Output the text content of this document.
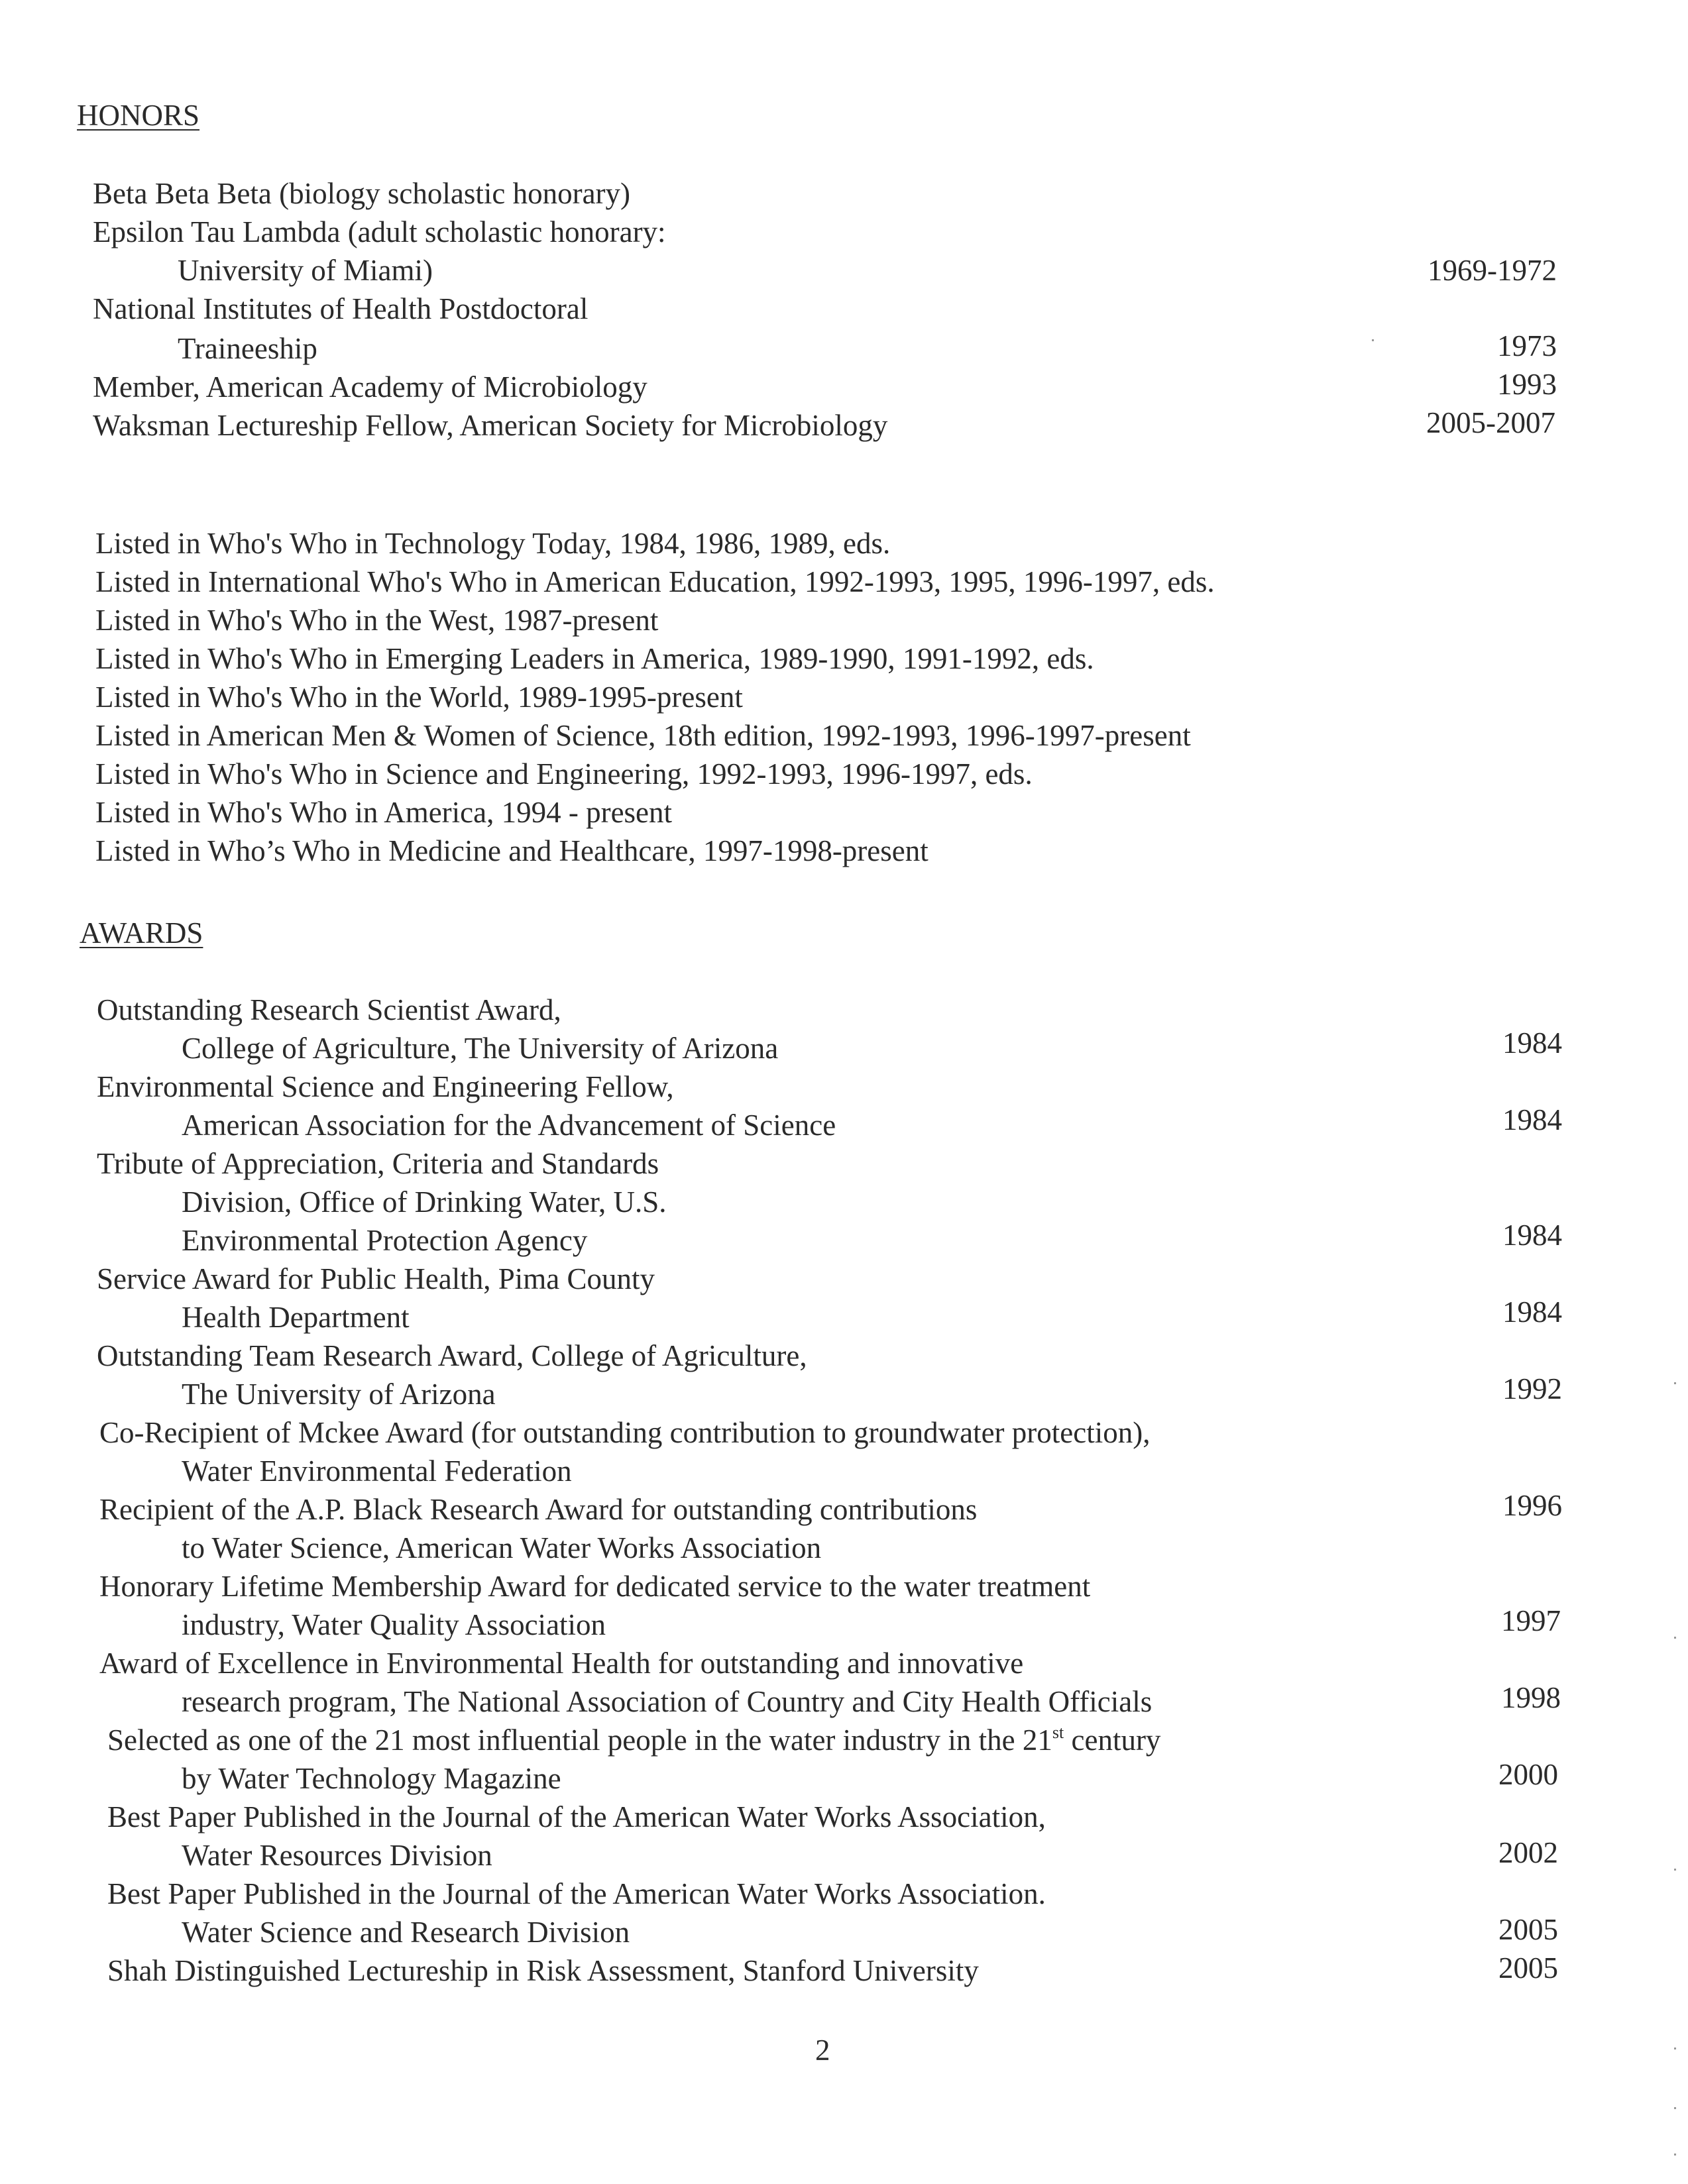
HONORS
Beta Beta Beta (biology scholastic honorary)
Epsilon Tau Lambda (adult scholastic honorary:
University of Miami)	1969-1972
National Institutes of Health Postdoctoral
Traineeship	1973
Member, American Academy of Microbiology	1993
Waksman Lectureship Fellow, American Society for Microbiology	2005-2007
Listed in Who's Who in Technology Today, 1984, 1986, 1989, eds.
Listed in International Who's Who in American Education, 1992-1993, 1995, 1996-1997, eds.
Listed in Who's Who in the West, 1987-present
Listed in Who's Who in Emerging Leaders in America, 1989-1990, 1991-1992, eds.
Listed in Who's Who in the World, 1989-1995-present
Listed in American Men & Women of Science, 18th edition, 1992-1993, 1996-1997-present
Listed in Who's Who in Science and Engineering, 1992-1993, 1996-1997, eds.
Listed in Who's Who in America, 1994 - present
Listed in Who’s Who in Medicine and Healthcare, 1997-1998-present
AWARDS
Outstanding Research Scientist Award,
College of Agriculture, The University of Arizona	1984
Environmental Science and Engineering Fellow,
American Association for the Advancement of Science	1984
Tribute of Appreciation, Criteria and Standards
Division, Office of Drinking Water, U.S.
Environmental Protection Agency	1984
Service Award for Public Health, Pima County
Health Department	1984
Outstanding Team Research Award, College of Agriculture,
The University of Arizona	1992
Co-Recipient of Mckee Award (for outstanding contribution to groundwater protection),
Water Environmental Federation
Recipient of the A.P. Black Research Award for outstanding contributions	1996
to Water Science, American Water Works Association
Honorary Lifetime Membership Award for dedicated service to the water treatment
industry, Water Quality Association	1997
Award of Excellence in Environmental Health for outstanding and innovative
research program, The National Association of Country and City Health Officials	1998
Selected as one of the 21 most influential people in the water industry in the 21st century
by Water Technology Magazine	2000
Best Paper Published in the Journal of the American Water Works Association,
Water Resources Division	2002
Best Paper Published in the Journal of the American Water Works Association.
Water Science and Research Division	2005
Shah Distinguished Lectureship in Risk Assessment, Stanford University	2005
2
